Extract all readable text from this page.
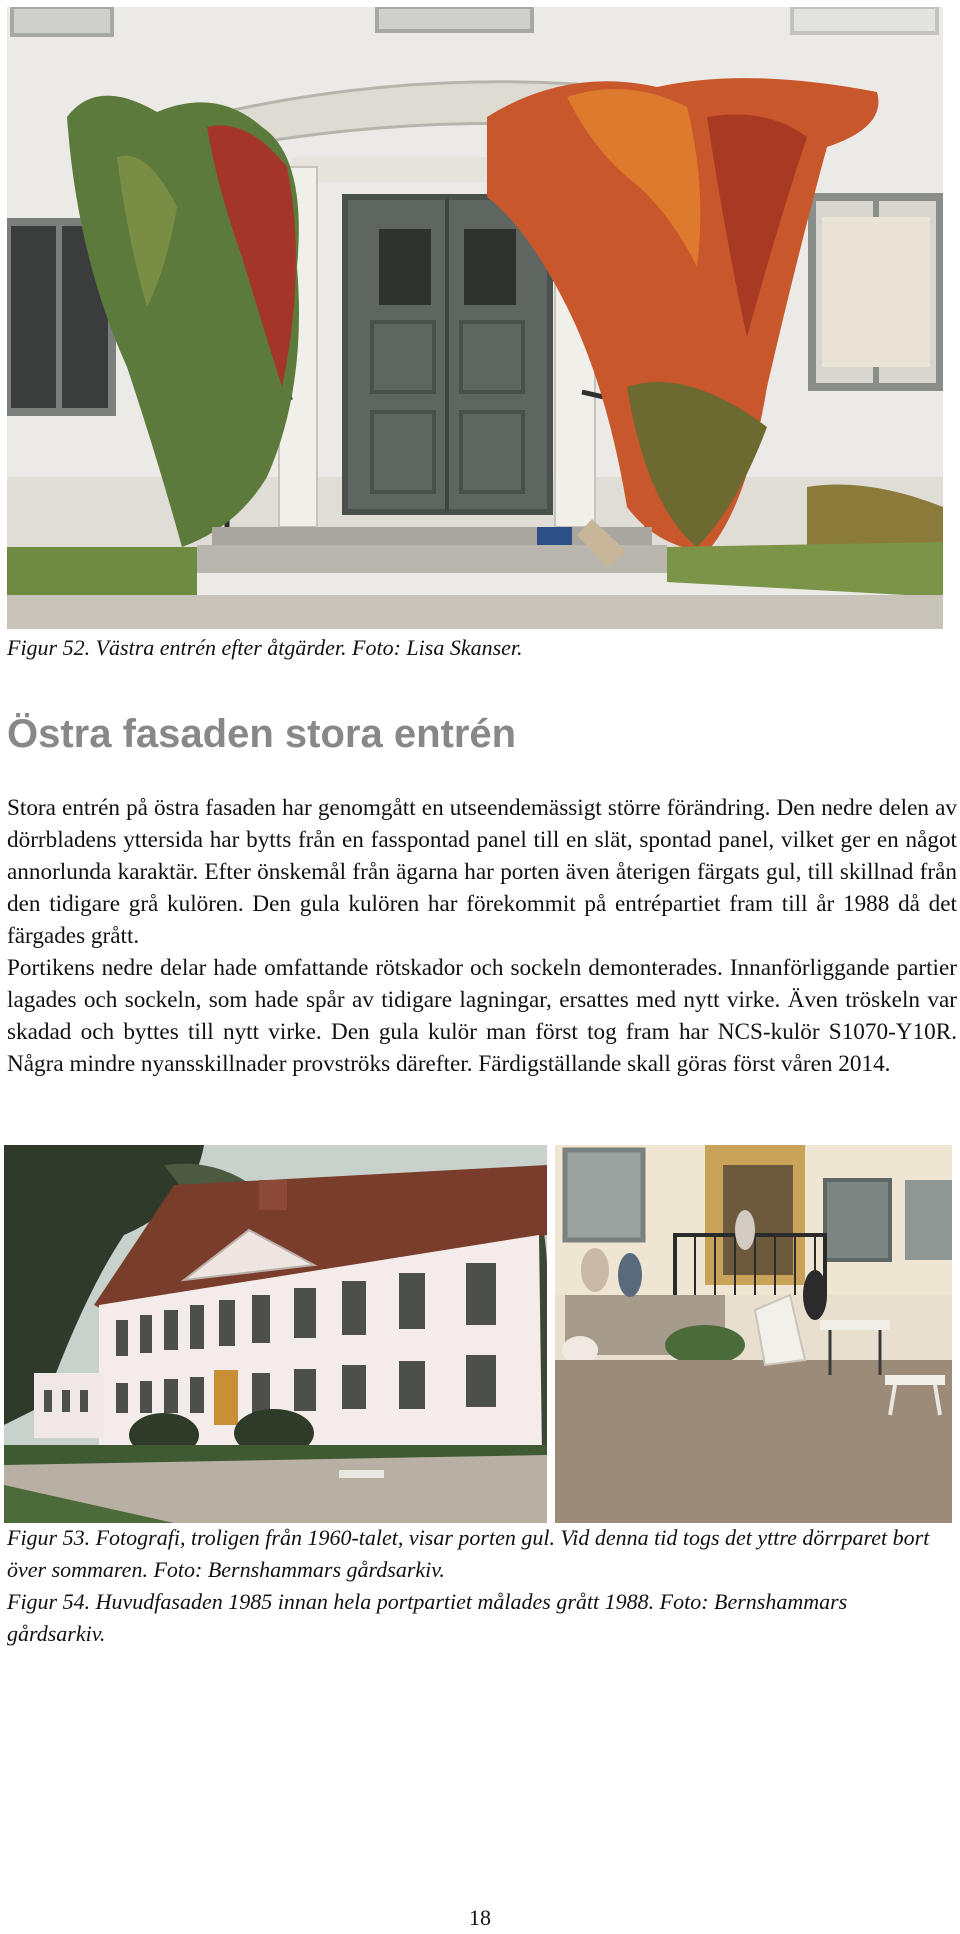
Figur 52. Västra entrén efter åtgärder. Foto: Lisa Skanser.
Östra fasaden stora entrén

Stora entrén på östra fasaden har genomgått en utseendemässigt större förändring. Den nedre delen av dörrbladens yttersida har bytts från en fasspontad panel till en slät, spontad panel, vilket ger en något annorlunda karaktär. Efter önskemål från ägarna har porten även återigen färgats gul, till skillnad från den tidigare grå kulören. Den gula kulören har förekommit på entrépartiet fram till år 1988 då det färgades grått.

Portikens nedre delar hade omfattande rötskador och sockeln demonterades. Innanförliggande partier lagades och sockeln, som hade spår av tidigare lagningar, ersattes med nytt virke. Även tröskeln var skadad och byttes till nytt virke. Den gula kulör man först tog fram har NCS-kulör S1070-Y10R. Några mindre nyansskillnader provströks därefter. Färdigställande skall göras först våren 2014.

Figur 53. Fotografi, troligen från 1960-talet, visar porten gul. Vid denna tid togs det yttre dörrparet bort över sommaren. Foto: Bernshammars gårdsarkiv.
Figur 54. Huvudfasaden 1985 innan hela portpartiet målades grått 1988. Foto: Bernshammars gårdsarkiv.
18
